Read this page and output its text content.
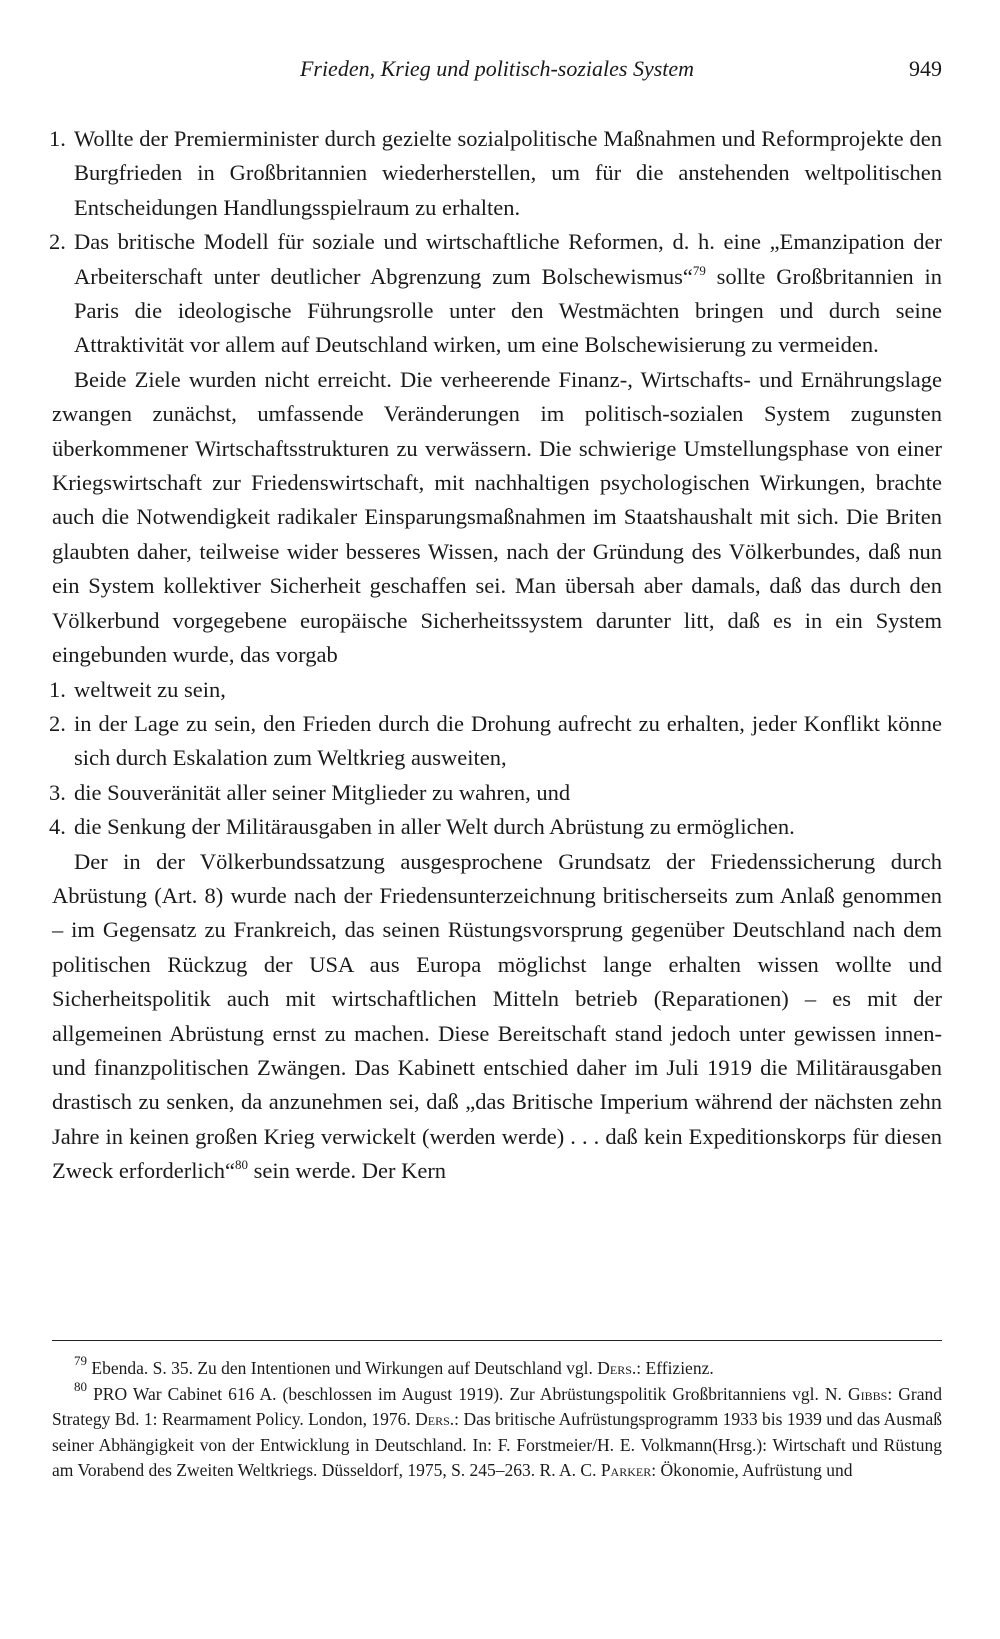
Frieden, Krieg und politisch-soziales System	949

1. Wollte der Premierminister durch gezielte sozialpolitische Maßnahmen und Reformprojekte den Burgfrieden in Großbritannien wiederherstellen, um für die anstehenden weltpolitischen Entscheidungen Handlungsspielraum zu erhalten.

2. Das britische Modell für soziale und wirtschaftliche Reformen, d. h. eine „Emanzipation der Arbeiterschaft unter deutlicher Abgrenzung zum Bolschewismus“$^{79}$ sollte Großbritannien in Paris die ideologische Führungsrolle unter den Westmächten bringen und durch seine Attraktivität vor allem auf Deutschland wirken, um eine Bolschewisierung zu vermeiden.

Beide Ziele wurden nicht erreicht. Die verheerende Finanz-, Wirtschafts- und Ernährungslage zwangen zunächst, umfassende Veränderungen im politisch-sozialen System zugunsten überkommener Wirtschaftsstrukturen zu verwässern. Die schwierige Umstellungsphase von einer Kriegswirtschaft zur Friedenswirtschaft, mit nachhaltigen psychologischen Wirkungen, brachte auch die Notwendigkeit radikaler Einsparungsmaßnahmen im Staatshaushalt mit sich. Die Briten glaubten daher, teilweise wider besseres Wissen, nach der Gründung des Völkerbundes, daß nun ein System kollektiver Sicherheit geschaffen sei. Man übersah aber damals, daß das durch den Völkerbund vorgegebene europäische Sicherheitssystem darunter litt, daß es in ein System eingebunden wurde, das vorgab

1. weltweit zu sein,

2. in der Lage zu sein, den Frieden durch die Drohung aufrecht zu erhalten, jeder Konflikt könne sich durch Eskalation zum Weltkrieg ausweiten,

3. die Souveränität aller seiner Mitglieder zu wahren, und

4. die Senkung der Militärausgaben in aller Welt durch Abrüstung zu ermöglichen.

Der in der Völkerbundssatzung ausgesprochene Grundsatz der Friedenssicherung durch Abrüstung (Art. 8) wurde nach der Friedensunterzeichnung britischerseits zum Anlaß genommen – im Gegensatz zu Frankreich, das seinen Rüstungsvorsprung gegenüber Deutschland nach dem politischen Rückzug der USA aus Europa möglichst lange erhalten wissen wollte und Sicherheitspolitik auch mit wirtschaftlichen Mitteln betrieb (Reparationen) – es mit der allgemeinen Abrüstung ernst zu machen. Diese Bereitschaft stand jedoch unter gewissen innen- und finanzpolitischen Zwängen. Das Kabinett entschied daher im Juli 1919 die Militärausgaben drastisch zu senken, da anzunehmen sei, daß „das Britische Imperium während der nächsten zehn Jahre in keinen großen Krieg verwickelt (werden werde) . . . daß kein Expeditionskorps für diesen Zweck erforderlich“$^{80}$ sein werde. Der Kern

$^{79}$ Ebenda. S. 35. Zu den Intentionen und Wirkungen auf Deutschland vgl. Ders.: Effizienz.

$^{80}$ PRO War Cabinet 616 A. (beschlossen im August 1919). Zur Abrüstungspolitik Großbritanniens vgl. N. Gibbs: Grand Strategy Bd. 1: Rearmament Policy. London, 1976. Ders.: Das britische Aufrüstungsprogramm 1933 bis 1939 und das Ausmaß seiner Abhängigkeit von der Entwicklung in Deutschland. In: F. Forstmeier/H. E. Volkmann(Hrsg.): Wirtschaft und Rüstung am Vorabend des Zweiten Weltkriegs. Düsseldorf, 1975, S. 245–263. R. A. C. Parker: Ökonomie, Aufrüstung und
